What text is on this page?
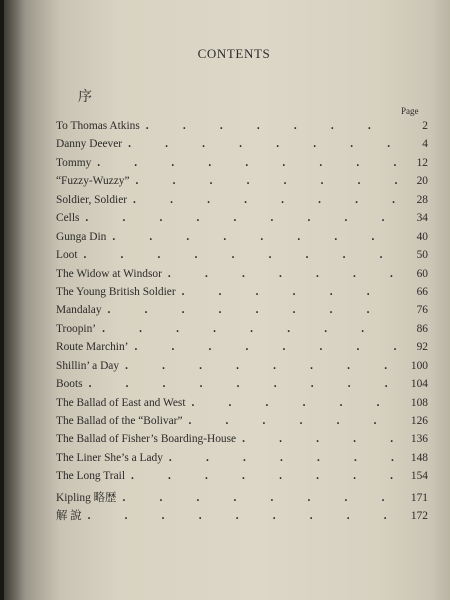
CONTENTS
序
Page
To Thomas Atkins .	2
Danny Deever .	4
Tommy .	12
“Fuzzy-Wuzzy” .	20
Soldier, Soldier .	28
Cells .	34
Gunga Din .	40
Loot .	50
The Widow at Windsor .	60
The Young British Soldier .	66
Mandalay .	76
Troopin’ .	86
Route Marchin’ .	92
Shillin’ a Day .	100
Boots .	104
The Ballad of East and West .	108
The Ballad of the “Bolivar” .	126
The Ballad of Fisher’s Boarding-House .	136
The Liner She’s a Lady .	148
The Long Trail .	154
Kipling 略歴 .	171
解 說 .	172
